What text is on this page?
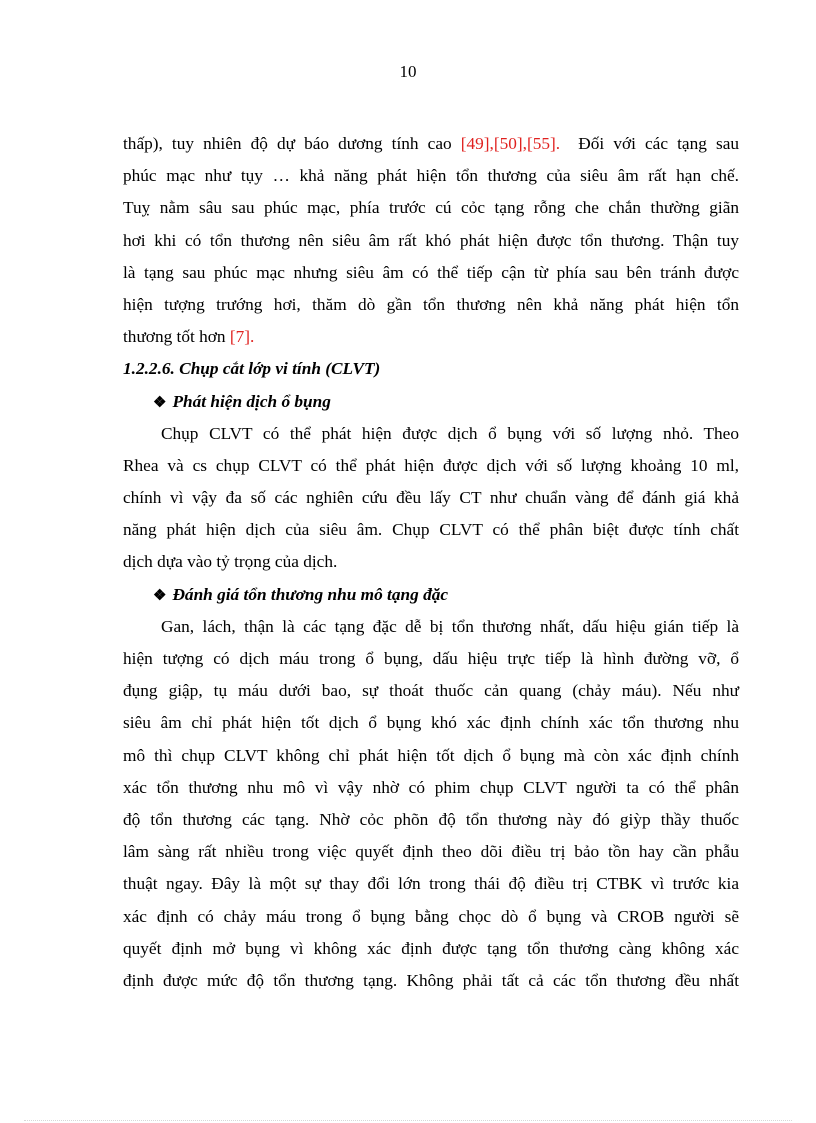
10
thấp), tuy nhiên độ dự báo dương tính cao [49],[50],[55].  Đối với các tạng sau
phúc mạc như tụy … khả năng phát hiện tổn thương của siêu âm rất hạn chế.
Tuỵ nằm sâu sau phúc mạc, phía trước cú cỏc tạng rỗng che chắn thường giãn
hơi khi có tổn thương nên siêu âm rất khó phát hiện được tổn thương. Thận tuy
là tạng sau phúc mạc nhưng siêu âm có thể tiếp cận từ phía sau bên tránh được
hiện tượng trướng hơi, thăm dò gần tổn thương nên khả năng phát hiện tổn
thương tốt hơn [7].
1.2.2.6. Chụp cắt lớp vi tính (CLVT)
❖ Phát hiện dịch ổ bụng
Chụp CLVT có thể phát hiện được dịch ổ bụng với số lượng nhỏ. Theo
Rhea và cs chụp CLVT có thể phát hiện được dịch với số lượng khoảng 10 ml,
chính vì vậy đa số các nghiên cứu đều lấy CT như chuẩn vàng để đánh giá khả
năng phát hiện dịch của siêu âm. Chụp CLVT có thể phân biệt được tính chất
dịch dựa vào tỷ trọng của dịch.
❖ Đánh giá tổn thương nhu mô tạng đặc
Gan, lách, thận là các tạng đặc dễ bị tổn thương nhất, dấu hiệu gián tiếp là
hiện tượng có dịch máu trong ổ bụng, dấu hiệu trực tiếp là hình đường vỡ, ổ
đụng giập, tụ máu dưới bao, sự thoát thuốc cản quang (chảy máu). Nếu như
siêu âm chỉ phát hiện tốt dịch ổ bụng khó xác định chính xác tổn thương nhu
mô thì chụp CLVT không chỉ phát hiện tốt dịch ổ bụng mà còn xác định chính
xác tổn thương nhu mô vì vậy nhờ có phim chụp CLVT người ta có thể phân
độ tổn thương các tạng. Nhờ cỏc phõn độ tổn thương này đó giỳp thầy thuốc
lâm sàng rất nhiều trong việc quyết định theo dõi điều trị bảo tồn hay cần phẫu
thuật ngay. Đây là một sự thay đổi lớn trong thái độ điều trị CTBK vì trước kia
xác định có chảy máu trong ổ bụng bằng chọc dò ổ bụng và CROB người sẽ
quyết định mở bụng vì không xác định được tạng tổn thương càng không xác
định được mức độ tổn thương tạng. Không phải tất cả các tổn thương đều nhất
